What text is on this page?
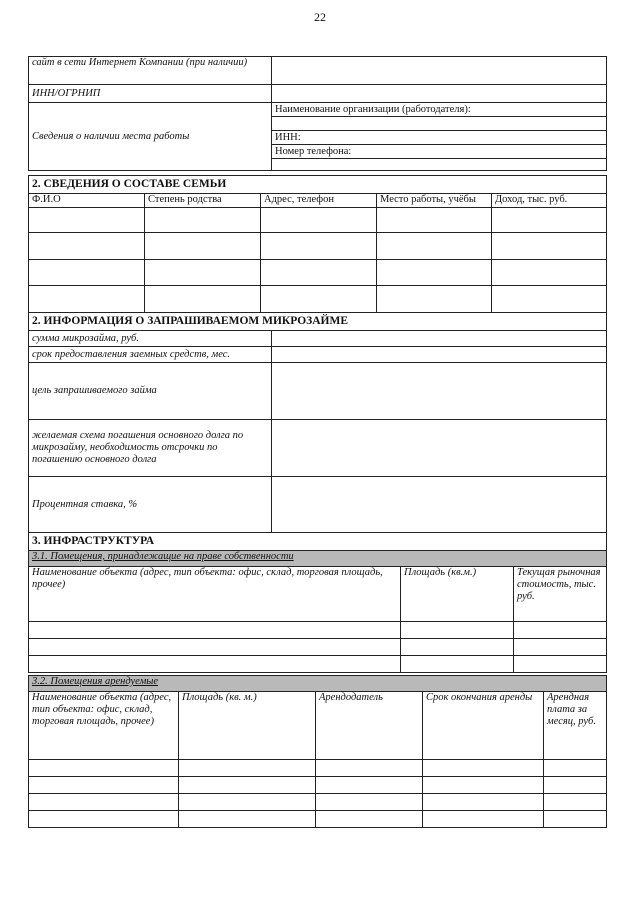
22
сайт в сети Интернет Компании (при наличии)	
ИНН/ОГРНИП	
Сведения о наличии места работы	Наименование организации (работодателя):

	ИНН:
	Номер телефона:

2. СВЕДЕНИЯ О СОСТАВЕ СЕМЬИ				
Ф.И.О	Степень родства	Адрес, телефон	Место работы, учёбы	Доход, тыс. руб.

2. ИНФОРМАЦИЯ О ЗАПРАШИВАЕМОМ МИКРОЗАЙМЕ	
сумма микрозайма, руб.	
срок предоставления заемных средств, мес.	
цель запрашиваемого займа	
желаемая схема погашения основного долга по микрозайму, необходимость отсрочки по погашению основного долга	
Процентная ставка, %	
3. ИНФРАСТРУКТУРА		
3.1. Помещения, принадлежащие на праве собственности		
Наименование объекта (адрес, тип объекта: офис, склад, торговая площадь, прочее)	Площадь (кв.м.)	Текущая рыночная стоимость, тыс. руб.

3.2. Помещения арендуемые				
Наименование объекта (адрес, тип объекта: офис, склад, торговая площадь, прочее)	Площадь (кв. м.)	Арендодатель	Срок окончания аренды	Арендная плата за месяц, руб.
